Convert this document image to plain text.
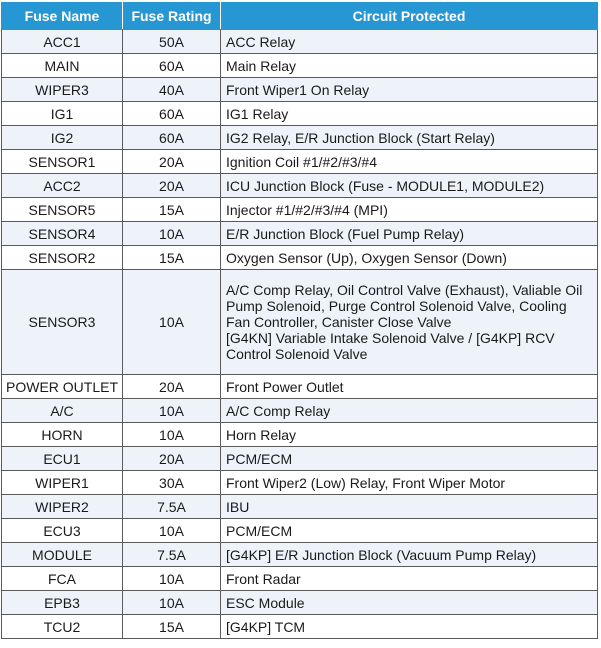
Fuse Name	Fuse Rating	Circuit Protected
ACC1	50A	ACC Relay
MAIN	60A	Main Relay
WIPER3	40A	Front Wiper1 On Relay
IG1	60A	IG1 Relay
IG2	60A	IG2 Relay, E/R Junction Block (Start Relay)
SENSOR1	20A	Ignition Coil #1/#2/#3/#4
ACC2	20A	ICU Junction Block (Fuse - MODULE1, MODULE2)
SENSOR5	15A	Injector #1/#2/#3/#4 (MPI)
SENSOR4	10A	E/R Junction Block (Fuel Pump Relay)
SENSOR2	15A	Oxygen Sensor (Up), Oxygen Sensor (Down)
SENSOR3	10A	A/C Comp Relay, Oil Control Valve (Exhaust), Valiable Oil
Pump Solenoid, Purge Control Solenoid Valve, Cooling
Fan Controller, Canister Close Valve
[G4KN] Variable Intake Solenoid Valve / [G4KP] RCV
Control Solenoid Valve
POWER OUTLET	20A	Front Power Outlet
A/C	10A	A/C Comp Relay
HORN	10A	Horn Relay
ECU1	20A	PCM/ECM
WIPER1	30A	Front Wiper2 (Low) Relay, Front Wiper Motor
WIPER2	7.5A	IBU
ECU3	10A	PCM/ECM
MODULE	7.5A	[G4KP] E/R Junction Block (Vacuum Pump Relay)
FCA	10A	Front Radar
EPB3	10A	ESC Module
TCU2	15A	[G4KP] TCM
